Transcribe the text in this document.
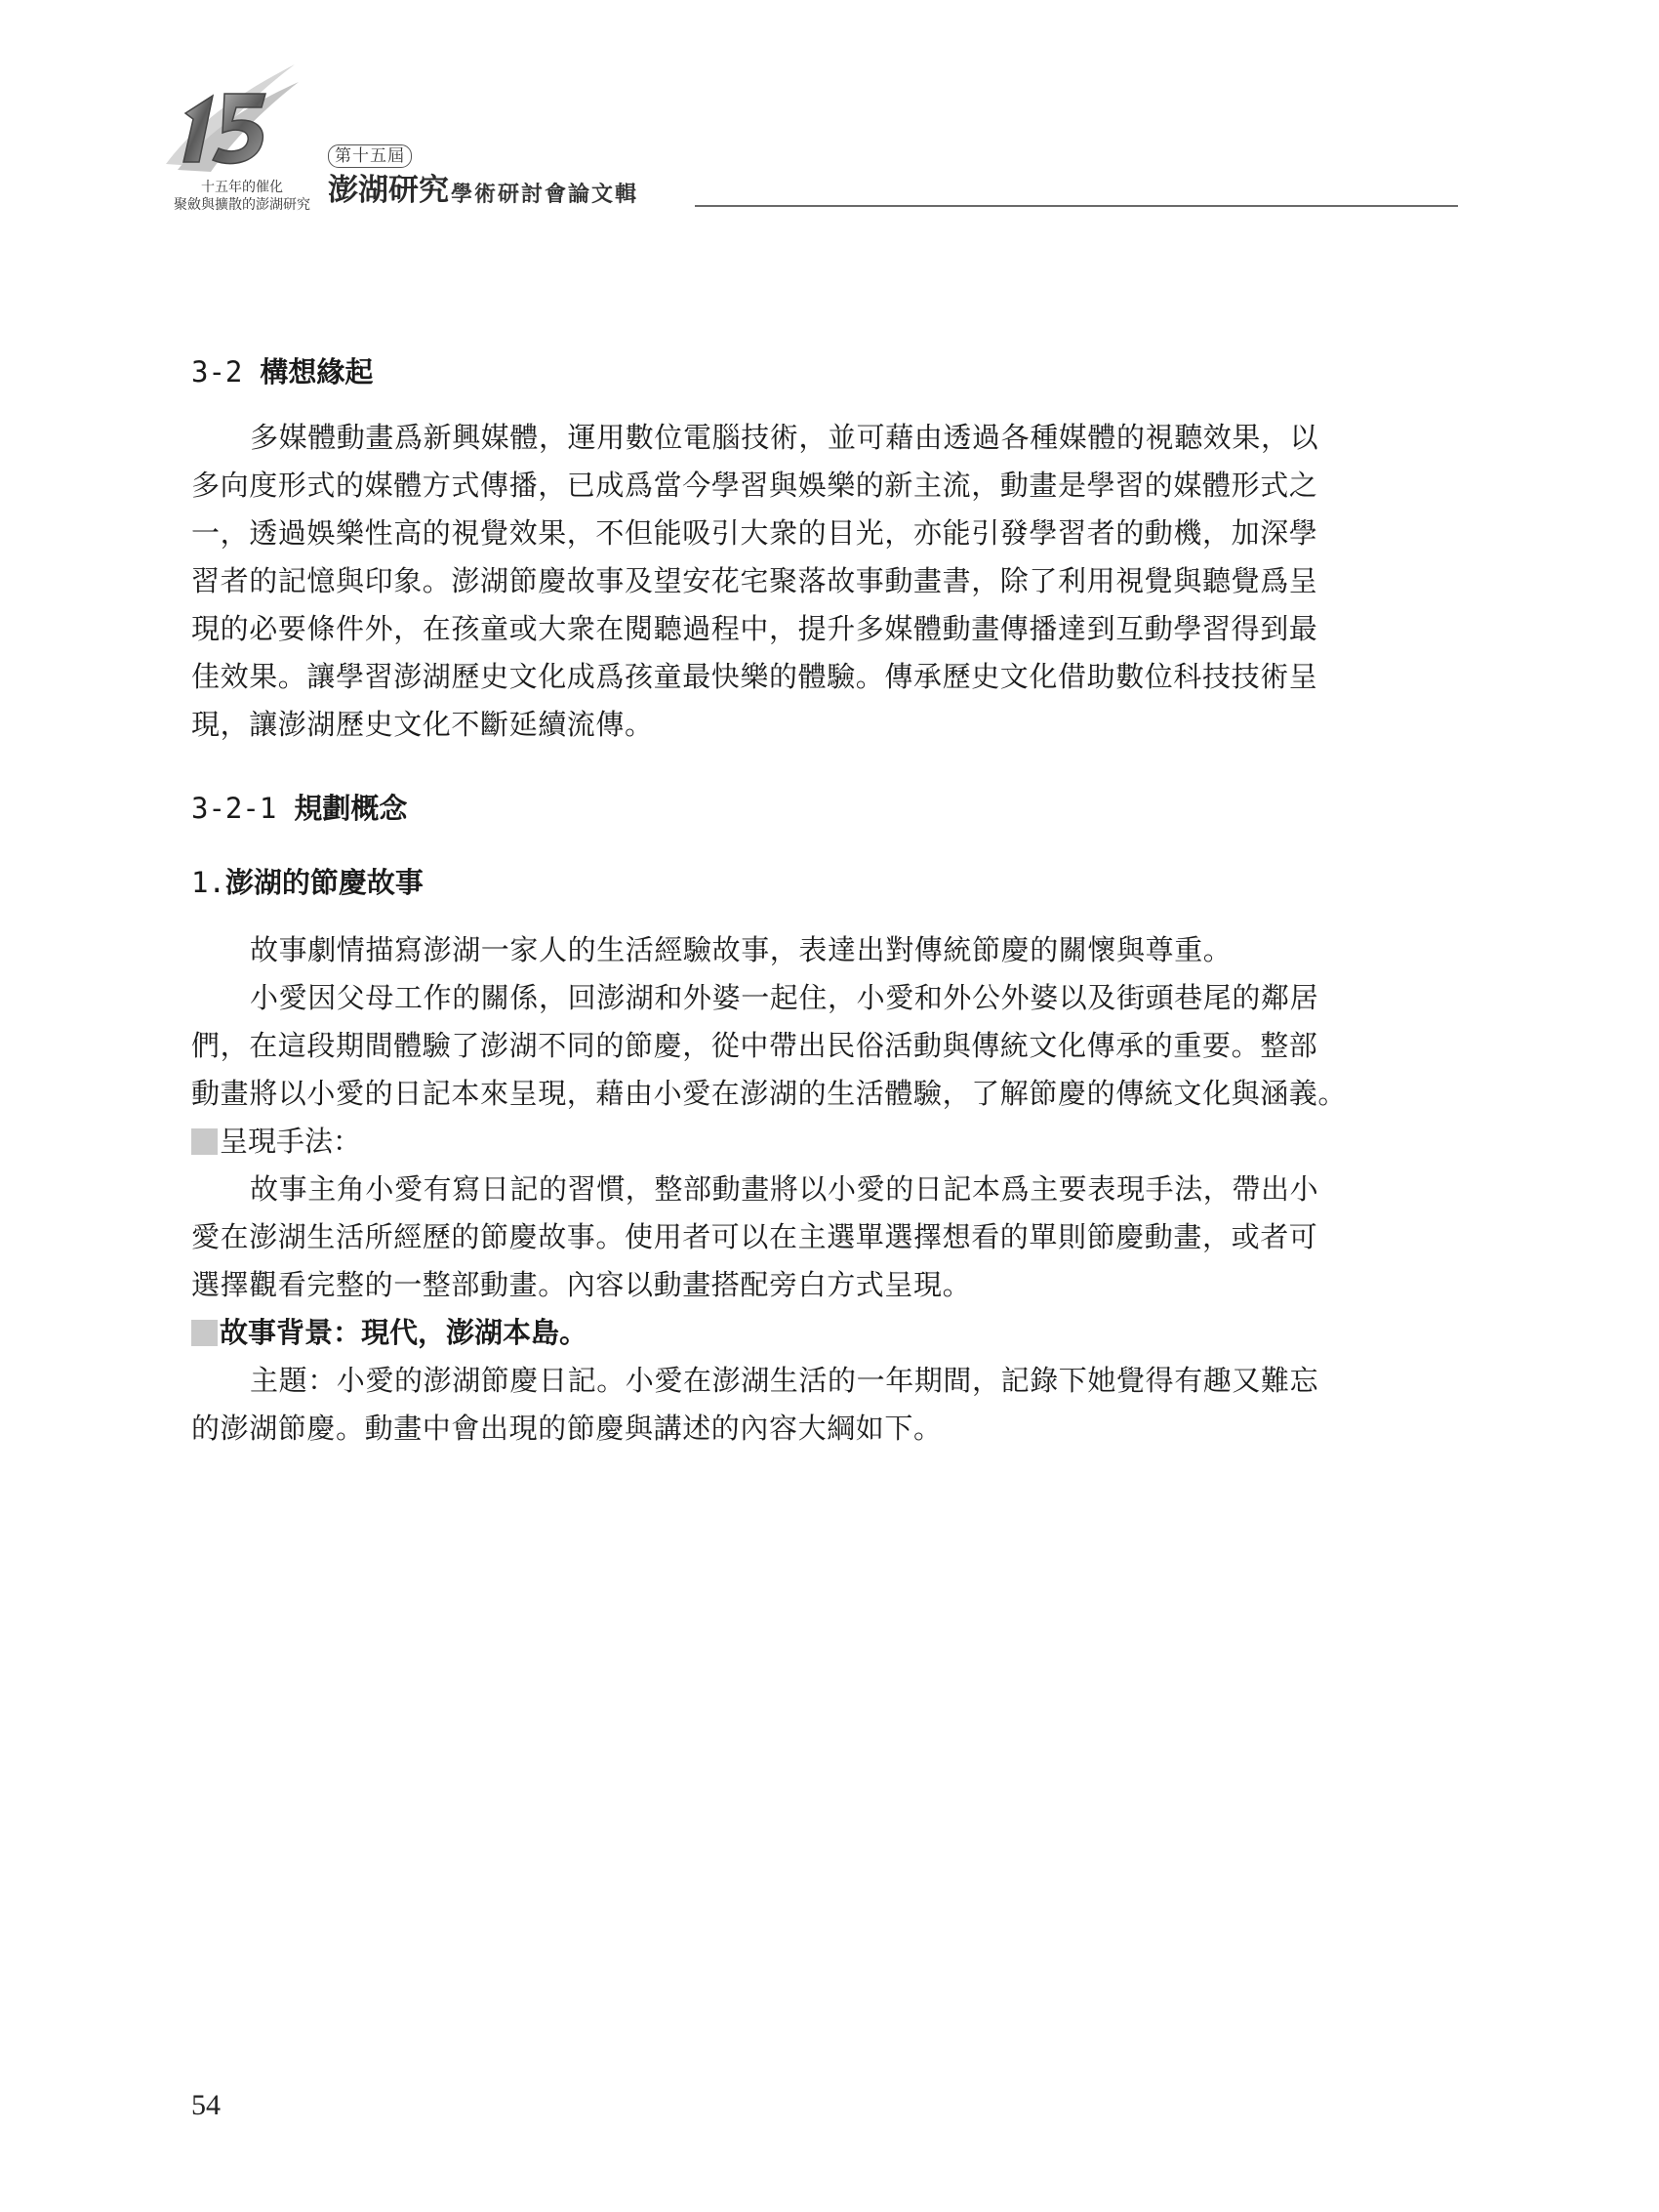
十五年的催化
聚斂與擴散的澎湖研究
第十五屆
澎湖研究 學術研討會論文輯
3-2 構想緣起

多媒體動畫爲新興媒體，運用數位電腦技術，並可藉由透過各種媒體的視聽效果，以
多向度形式的媒體方式傳播，已成爲當今學習與娛樂的新主流，動畫是學習的媒體形式之
一，透過娛樂性高的視覺效果，不但能吸引大衆的目光，亦能引發學習者的動機，加深學
習者的記憶與印象。澎湖節慶故事及望安花宅聚落故事動畫書，除了利用視覺與聽覺爲呈
現的必要條件外，在孩童或大衆在閱聽過程中，提升多媒體動畫傳播達到互動學習得到最
佳效果。讓學習澎湖歷史文化成爲孩童最快樂的體驗。傳承歷史文化借助數位科技技術呈
現，讓澎湖歷史文化不斷延續流傳。

3-2-1 規劃概念
1.澎湖的節慶故事

故事劇情描寫澎湖一家人的生活經驗故事，表達出對傳統節慶的關懷與尊重。

小愛因父母工作的關係，回澎湖和外婆一起住，小愛和外公外婆以及街頭巷尾的鄰居
們，在這段期間體驗了澎湖不同的節慶，從中帶出民俗活動與傳統文化傳承的重要。整部
動畫將以小愛的日記本來呈現，藉由小愛在澎湖的生活體驗，了解節慶的傳統文化與涵義。

呈現手法：

故事主角小愛有寫日記的習慣，整部動畫將以小愛的日記本爲主要表現手法，帶出小
愛在澎湖生活所經歷的節慶故事。使用者可以在主選單選擇想看的單則節慶動畫，或者可
選擇觀看完整的一整部動畫。內容以動畫搭配旁白方式呈現。

故事背景：現代，澎湖本島。

主題：小愛的澎湖節慶日記。小愛在澎湖生活的一年期間，記錄下她覺得有趣又難忘
的澎湖節慶。動畫中會出現的節慶與講述的內容大綱如下。

54
